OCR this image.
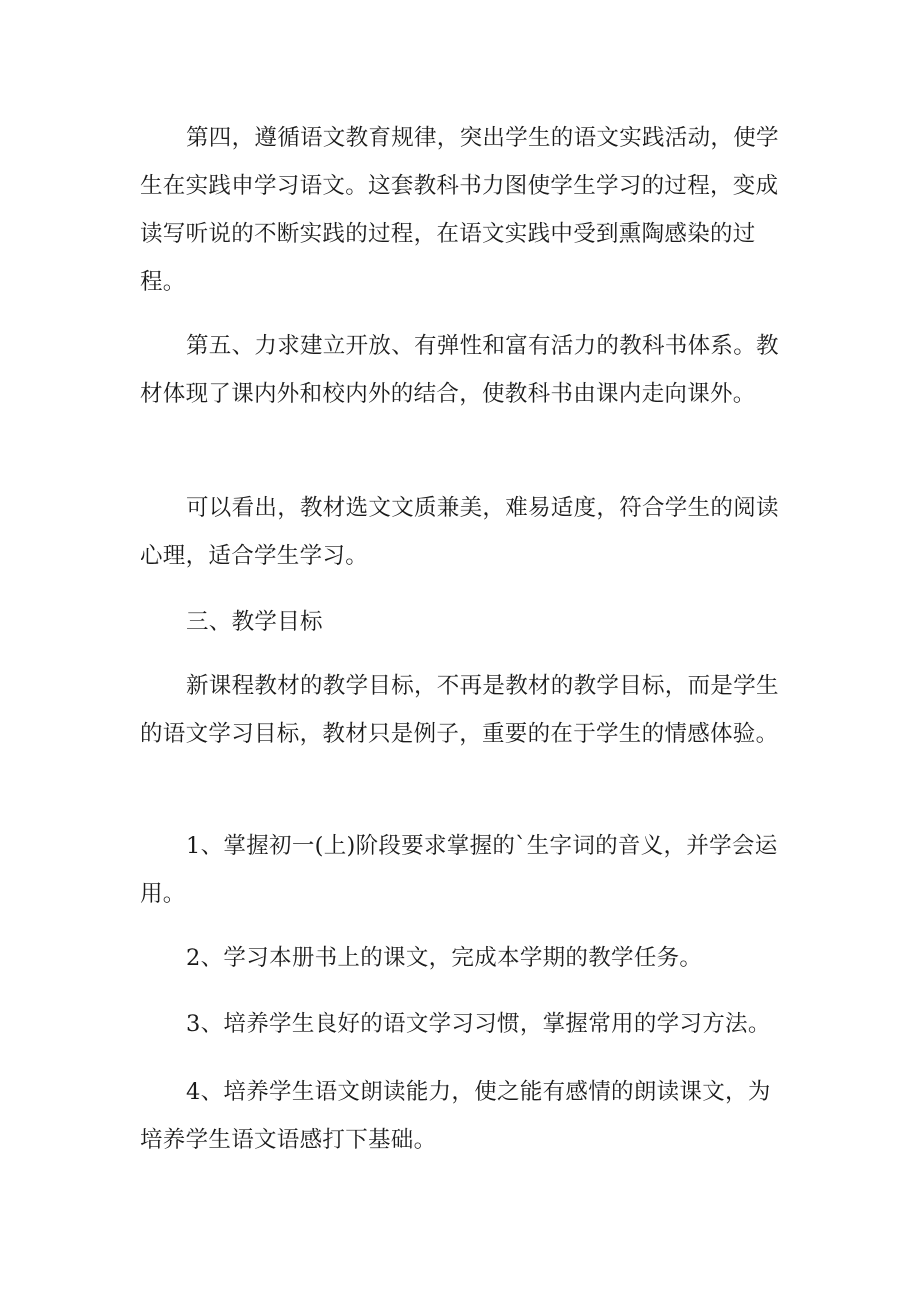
第四，遵循语文教育规律，突出学生的语文实践活动，使学生在实践申学习语文。这套教科书力图使学生学习的过程，变成读写听说的不断实践的过程，在语文实践中受到熏陶感染的过程。

第五、力求建立开放、有弹性和富有活力的教科书体系。教材体现了课内外和校内外的结合，使教科书由课内走向课外。

可以看出，教材选文文质兼美，难易适度，符合学生的阅读心理，适合学生学习。

三、教学目标

新课程教材的教学目标，不再是教材的教学目标，而是学生的语文学习目标，教材只是例子，重要的在于学生的情感体验。

1、掌握初一(上)阶段要求掌握的`生字词的音义，并学会运用。

2、学习本册书上的课文，完成本学期的教学任务。

3、培养学生良好的语文学习习惯，掌握常用的学习方法。

4、培养学生语文朗读能力，使之能有感情的朗读课文，为培养学生语文语感打下基础。
